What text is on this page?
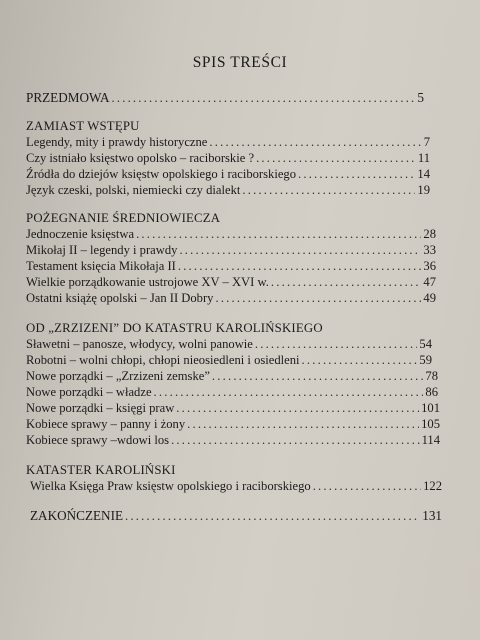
SPIS TREŚCI
PRZEDMOWA .....	5
ZAMIAST WSTĘPU
Legendy, mity i prawdy historyczne .....	7
Czy istniało księstwo opolsko – raciborskie ? .....	11
Źródła do dziejów księstw opolskiego i raciborskiego .....	14
Język czeski, polski, niemiecki czy dialekt .....	19
POŻEGNANIE ŚREDNIOWIECZA
Jednoczenie księstwa .....	28
Mikołaj II – legendy i prawdy .....	33
Testament księcia Mikołaja II .....	36
Wielkie porządkowanie ustrojowe XV – XVI w. .....	47
Ostatni książę opolski – Jan II Dobry .....	49
OD „ZRZIZENI” DO KATASTRU KAROLIŃSKIEGO
Sławetni – panosze, włodycy, wolni panowie .....	54
Robotni – wolni chłopi, chłopi nieosiedleni i osiedleni .....	59
Nowe porządki – „Zrzizeni zemske” .....	78
Nowe porządki – władze .....	86
Nowe porządki – księgi praw .....	101
Kobiece sprawy – panny i żony .....	105
Kobiece sprawy –wdowi los .....	114
KATASTER KAROLIŃSKI
Wielka Księga Praw księstw opolskiego i raciborskiego .....	122
ZAKOŃCZENIE .....	131
